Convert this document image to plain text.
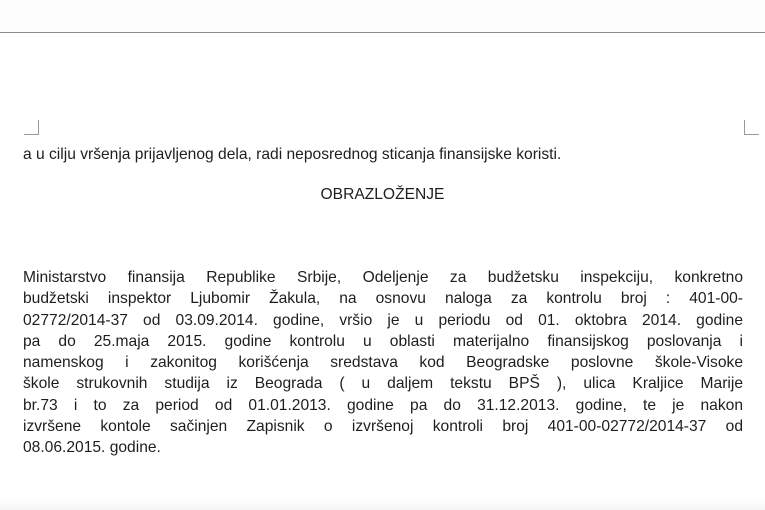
a u cilju vršenja prijavljenog dela, radi neposrednog sticanja finansijske koristi.
OBRAZLOŽENJE
Ministarstvo finansija Republike Srbije, Odeljenje za budžetsku inspekciju, konkretno
budžetski inspektor Ljubomir Žakula, na osnovu naloga za kontrolu broj : 401-00-
02772/2014-37 od 03.09.2014. godine, vršio je u periodu od 01. oktobra 2014. godine
pa do 25.maja 2015. godine kontrolu u oblasti materijalno finansijskog poslovanja i
namenskog i zakonitog korišćenja sredstava kod Beogradske poslovne škole-Visoke
škole strukovnih studija iz Beograda ( u daljem tekstu BPŠ ), ulica Kraljice Marije
br.73 i to za period od 01.01.2013. godine pa do 31.12.2013. godine, te je nakon
izvršene kontole sačinjen Zapisnik o izvršenoj kontroli broj 401-00-02772/2014-37 od
08.06.2015. godine.
